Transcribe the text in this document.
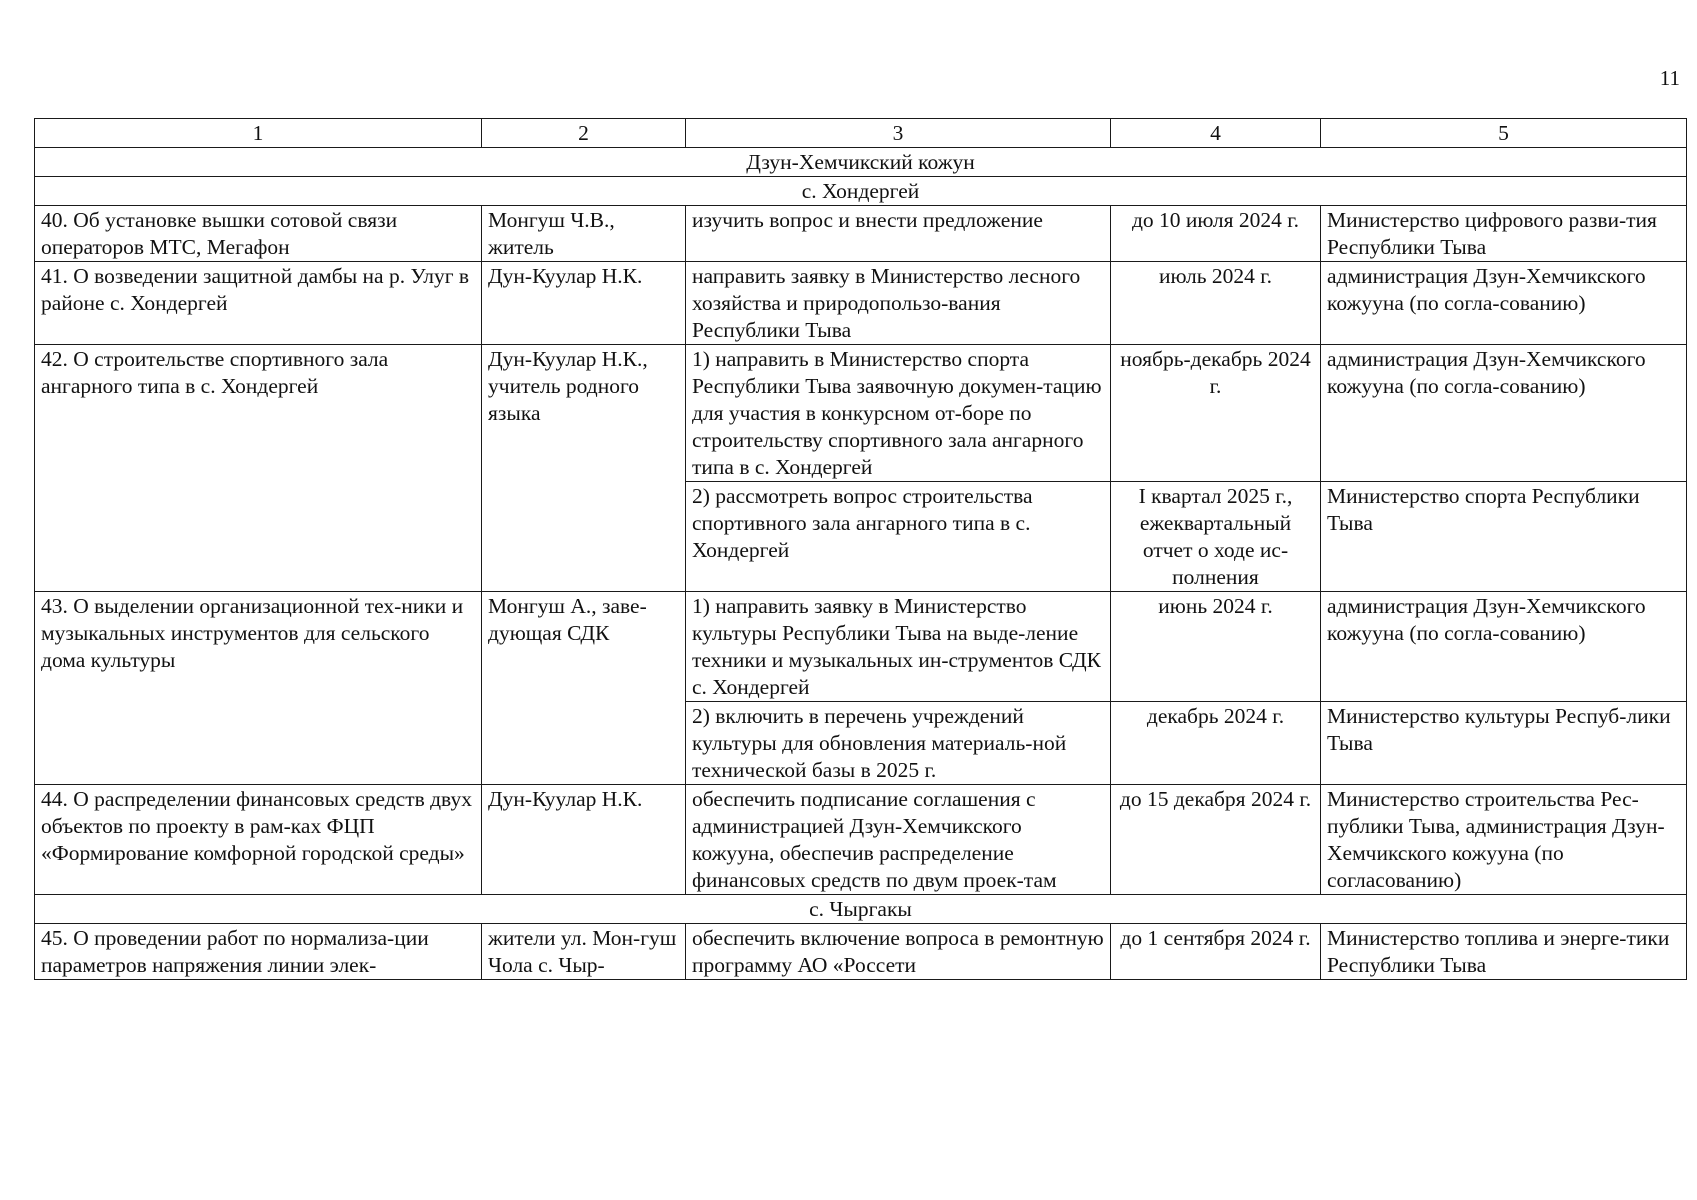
11
1	2	3	4	5
Дзун-Хемчикский кожун				
с. Хондергей				
40. Об установке вышки сотовой связи операторов МТС, Мегафон	Монгуш Ч.В., житель	изучить вопрос и внести предложение	до 10 июля 2024 г.	Министерство цифрового разви-тия Республики Тыва
41. О возведении защитной дамбы на р. Улуг в районе с. Хондергей	Дун-Куулар Н.К.	направить заявку в Министерство лесного хозяйства и природопользо-вания Республики Тыва	июль 2024 г.	администрация Дзун-Хемчикского кожууна (по согла-сованию)
42. О строительстве спортивного зала ангарного типа в с. Хондергей	Дун-Куулар Н.К., учитель родного языка	1) направить в Министерство спорта Республики Тыва заявочную докумен-тацию для участия в конкурсном от-боре по строительству спортивного зала ангарного типа в с. Хондергей	ноябрь-декабрь 2024 г.	администрация Дзун-Хемчикского кожууна (по согла-сованию)
		2) рассмотреть вопрос строительства спортивного зала ангарного типа в с. Хондергей	I квартал 2025 г., ежеквартальный отчет о ходе ис-полнения	Министерство спорта Республики Тыва
43. О выделении организационной тех-ники и музыкальных инструментов для сельского дома культуры	Монгуш А., заве-дующая СДК	1) направить заявку в Министерство культуры Республики Тыва на выде-ление техники и музыкальных ин-струментов СДК с. Хондергей	июнь 2024 г.	администрация Дзун-Хемчикского кожууна (по согла-сованию)
		2) включить в перечень учреждений культуры для обновления материаль-ной технической базы в 2025 г.	декабрь 2024 г.	Министерство культуры Респуб-лики Тыва
44. О распределении финансовых средств двух объектов по проекту в рам-ках ФЦП «Формирование комфорной городской среды»	Дун-Куулар Н.К.	обеспечить подписание соглашения с администрацией Дзун-Хемчикского кожууна, обеспечив распределение финансовых средств по двум проек-там	до 15 декабря 2024 г.	Министерство строительства Рес-публики Тыва, администрация Дзун-Хемчикского кожууна (по согласованию)
с. Чыргакы				
45. О проведении работ по нормализа-ции параметров напряжения линии элек-	жители ул. Мон-гуш Чола с. Чыр-	обеспечить включение вопроса в ремонтную программу АО «Россети	до 1 сентября 2024 г.	Министерство топлива и энерге-тики Республики Тыва
